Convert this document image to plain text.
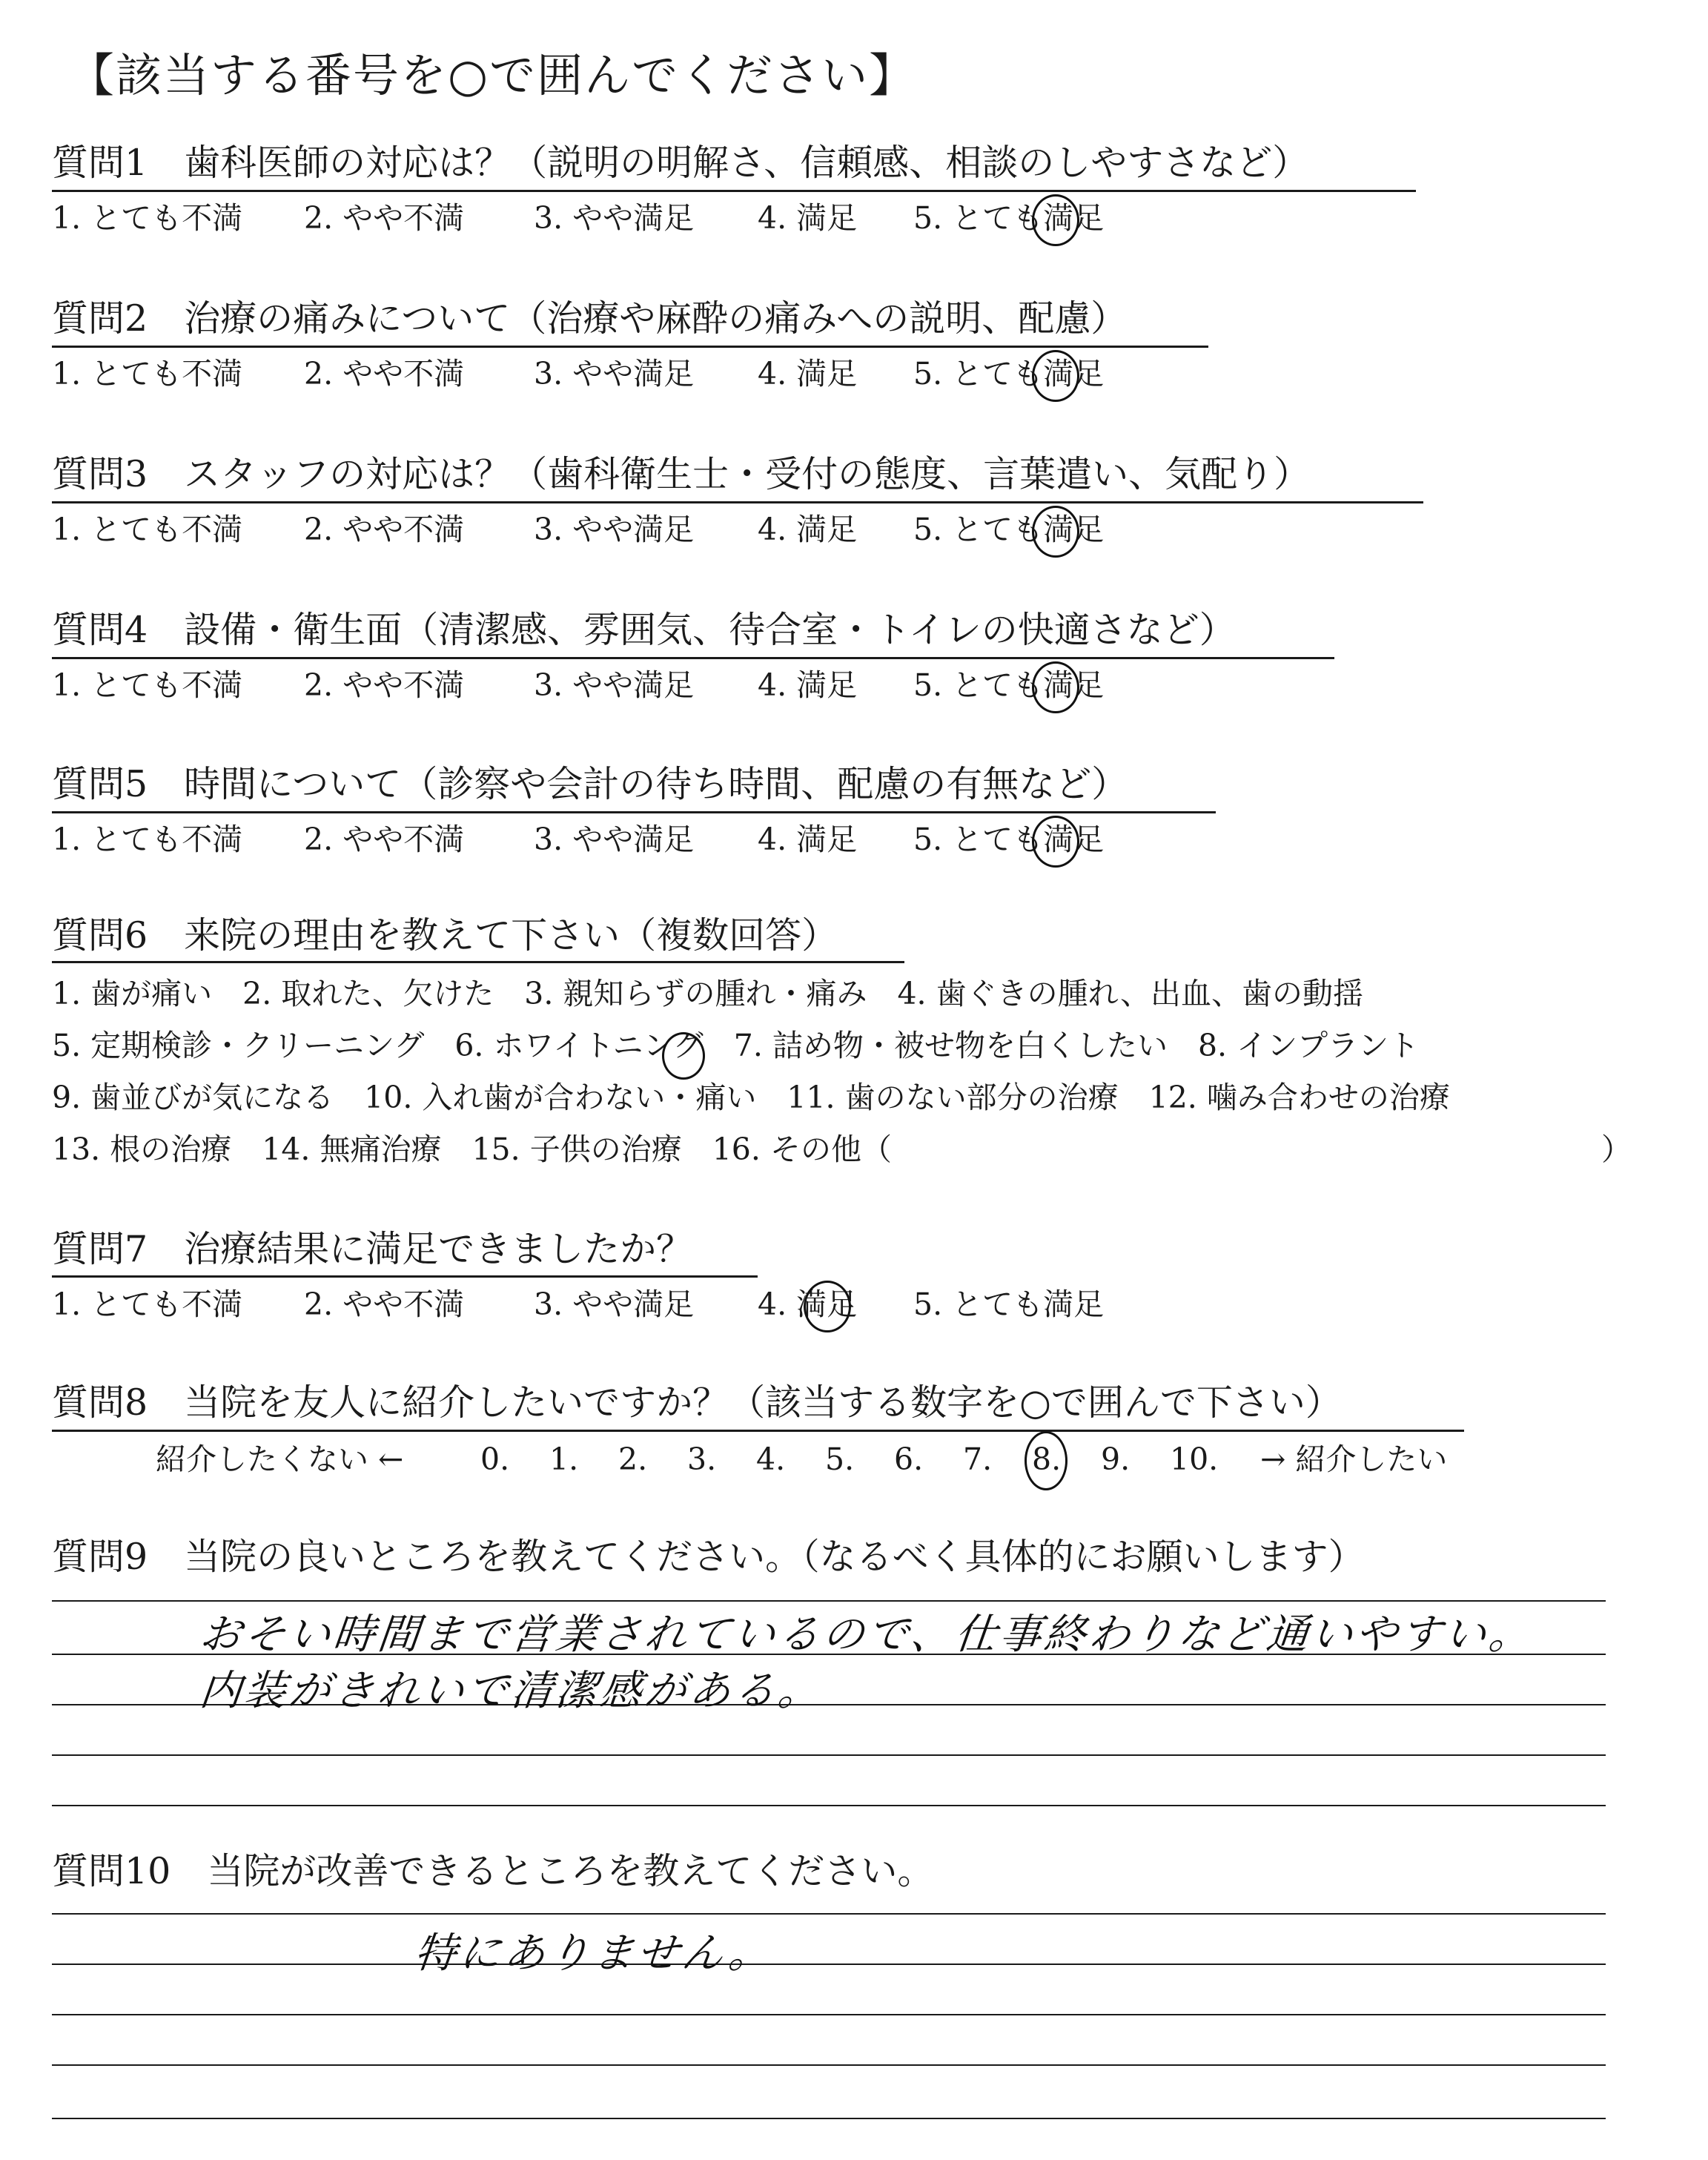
【該当する番号を○で囲んでください】
質問1　歯科医師の対応は？（説明の明解さ、信頼感、相談のしやすさなど）
1. とても不満 2. やや不満 3. やや満足 4. 満足 5. とても満足
質問2　治療の痛みについて（治療や麻酔の痛みへの説明、配慮）
1. とても不満 2. やや不満 3. やや満足 4. 満足 5. とても満足
質問3　スタッフの対応は？（歯科衛生士・受付の態度、言葉遣い、気配り）
1. とても不満 2. やや不満 3. やや満足 4. 満足 5. とても満足
質問4　設備・衛生面（清潔感、雰囲気、待合室・トイレの快適さなど）
1. とても不満 2. やや不満 3. やや満足 4. 満足 5. とても満足
質問5　時間について（診察や会計の待ち時間、配慮の有無など）
1. とても不満 2. やや不満 3. やや満足 4. 満足 5. とても満足
質問6　来院の理由を教えて下さい（複数回答）
1. 歯が痛い　2. 取れた、欠けた　3. 親知らずの腫れ・痛み　4. 歯ぐきの腫れ、出血、歯の動揺
5. 定期検診・クリーニング　6. ホワイトニング　7. 詰め物・被せ物を白くしたい　8. インプラント
9. 歯並びが気になる　10. 入れ歯が合わない・痛い　11. 歯のない部分の治療　12. 噛み合わせの治療
13. 根の治療　14. 無痛治療　15. 子供の治療　16. その他（	）
質問7　治療結果に満足できましたか？
1. とても不満 2. やや不満 3. やや満足 4. 満足 5. とても満足
質問8　当院を友人に紹介したいですか？（該当する数字を○で囲んで下さい）
紹介したくない ←	0. 1. 2. 3. 4. 5. 6. 7. 8. 9. 10. → 紹介したい
質問9　当院の良いところを教えてください。（なるべく具体的にお願いします）
おそい時間まで営業されているので、仕事終わりなど通いやすい。
内装がきれいで清潔感がある。
質問10　当院が改善できるところを教えてください。
特にありません。
